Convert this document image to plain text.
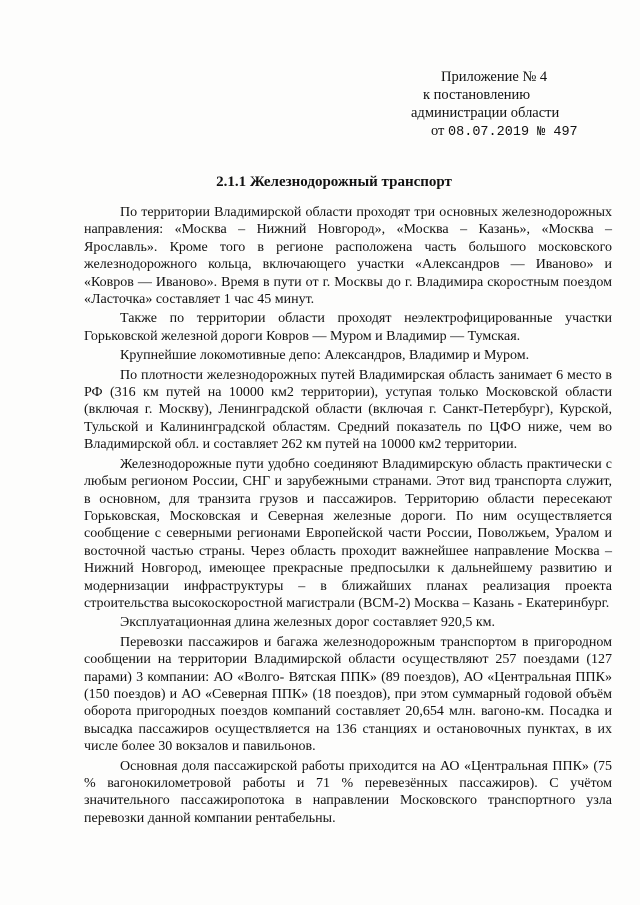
Приложение № 4
к постановлению
администрации области
от 08.07.2019 № 497
2.1.1 Железнодорожный транспорт

По территории Владимирской области проходят три основных железнодорожных направления: «Москва – Нижний Новгород», «Москва – Казань», «Москва – Ярославль». Кроме того в регионе расположена часть большого московского железнодорожного кольца, включающего участки «Александров — Иваново» и «Ковров — Иваново». Время в пути от г. Москвы до г. Владимира скоростным поездом «Ласточка» составляет 1 час 45 минут.

Также по территории области проходят неэлектрофицированные участки Горьковской железной дороги Ковров — Муром и Владимир — Тумская.

Крупнейшие локомотивные депо: Александров, Владимир и Муром.

По плотности железнодорожных путей Владимирская область занимает 6 место в РФ (316 км путей на 10000 км2 территории), уступая только Московской области (включая г. Москву), Ленинградской области (включая г. Санкт-Петербург), Курской, Тульской и Калининградской областям. Средний показатель по ЦФО ниже, чем во Владимирской обл. и составляет 262 км путей на 10000 км2 территории.

Железнодорожные пути удобно соединяют Владимирскую область практически с любым регионом России, СНГ и зарубежными странами. Этот вид транспорта служит, в основном, для транзита грузов и пассажиров. Территорию области пересекают Горьковская, Московская и Северная железные дороги. По ним осуществляется сообщение с северными регионами Европейской части России, Поволжьем, Уралом и восточной частью страны. Через область проходит важнейшее направление Москва – Нижний Новгород, имеющее прекрасные предпосылки к дальнейшему развитию и модернизации инфраструктуры – в ближайших планах реализация проекта строительства высокоскоростной магистрали (ВСМ-2) Москва – Казань - Екатеринбург.

Эксплуатационная длина железных дорог составляет 920,5 км.

Перевозки пассажиров и багажа железнодорожным транспортом в пригородном сообщении на территории Владимирской области осуществляют 257 поездами (127 парами) 3 компании: АО «Волго- Вятская ППК» (89 поездов), АО «Центральная ППК» (150 поездов) и АО «Северная ППК» (18 поездов), при этом суммарный годовой объём оборота пригородных поездов компаний составляет 20,654 млн. вагоно-км. Посадка и высадка пассажиров осуществляется на 136 станциях и остановочных пунктах, в их числе более 30 вокзалов и павильонов.

Основная доля пассажирской работы приходится на АО «Центральная ППК» (75 % вагонокилометровой работы и 71 % перевезённых пассажиров). С учётом значительного пассажиропотока в направлении Московского транспортного узла перевозки данной компании рентабельны.
